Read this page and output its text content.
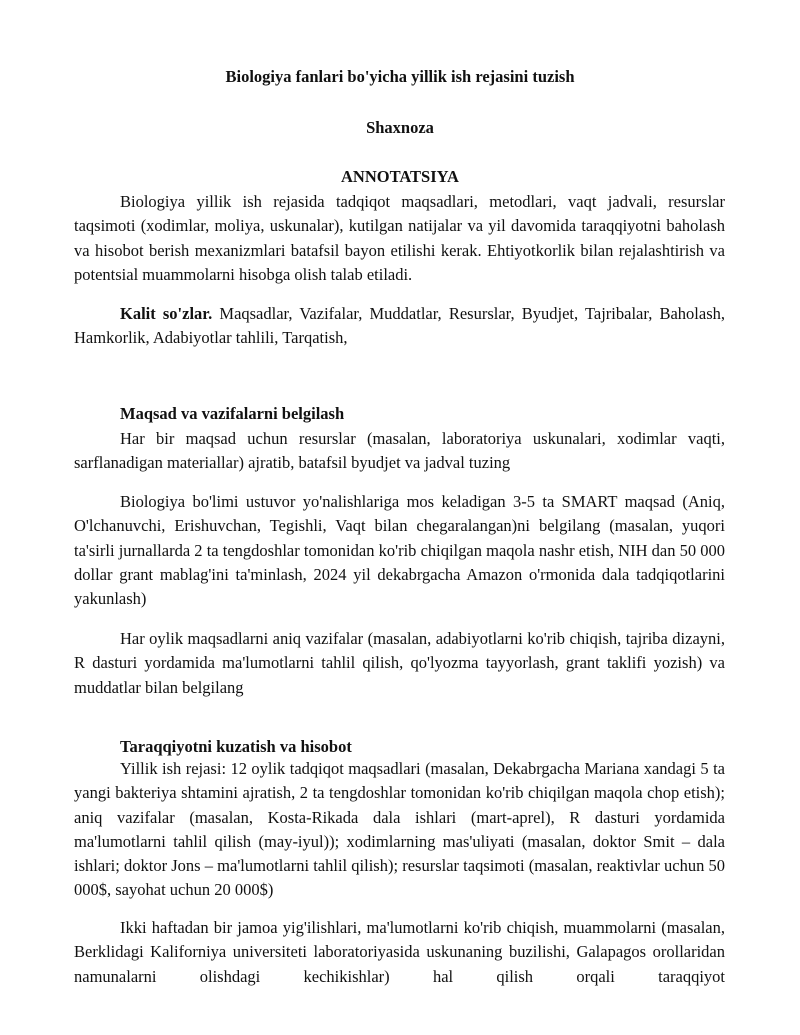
Biologiya fanlari bo'yicha yillik ish rejasini tuzish
Shaxnoza
ANNOTATSIYA

Biologiya yillik ish rejasida tadqiqot maqsadlari, metodlari, vaqt jadvali, resurslar taqsimoti (xodimlar, moliya, uskunalar), kutilgan natijalar va yil davomida taraqqiyotni baholash va hisobot berish mexanizmlari batafsil bayon etilishi kerak. Ehtiyotkorlik bilan rejalashtirish va potentsial muammolarni hisobga olish talab etiladi.

Kalit so'zlar. Maqsadlar, Vazifalar, Muddatlar, Resurslar, Byudjet, Tajribalar, Baholash, Hamkorlik, Adabiyotlar tahlili, Tarqatish,

Maqsad va vazifalarni belgilash

Har bir maqsad uchun resurslar (masalan, laboratoriya uskunalari, xodimlar vaqti, sarflanadigan materiallar) ajratib, batafsil byudjet va jadval tuzing

Biologiya bo'limi ustuvor yo'nalishlariga mos keladigan 3-5 ta SMART maqsad (Aniq, O'lchanuvchi, Erishuvchan, Tegishli, Vaqt bilan chegaralangan)ni belgilang (masalan, yuqori ta'sirli jurnallarda 2 ta tengdoshlar tomonidan ko'rib chiqilgan maqola nashr etish, NIH dan 50 000 dollar grant mablag'ini ta'minlash, 2024 yil dekabrgacha Amazon o'rmonida dala tadqiqotlarini yakunlash)

Har oylik maqsadlarni aniq vazifalar (masalan, adabiyotlarni ko'rib chiqish, tajriba dizayni, R dasturi yordamida ma'lumotlarni tahlil qilish, qo'lyozma tayyorlash, grant taklifi yozish) va muddatlar bilan belgilang

Taraqqiyotni kuzatish va hisobot

Yillik ish rejasi: 12 oylik tadqiqot maqsadlari (masalan, Dekabrgacha Mariana xandagi 5 ta yangi bakteriya shtamini ajratish, 2 ta tengdoshlar tomonidan ko'rib chiqilgan maqola chop etish); aniq vazifalar (masalan, Kosta-Rikada dala ishlari (mart-aprel), R dasturi yordamida ma'lumotlarni tahlil qilish (may-iyul)); xodimlarning mas'uliyati (masalan, doktor Smit – dala ishlari; doktor Jons – ma'lumotlarni tahlil qilish); resurslar taqsimoti (masalan, reaktivlar uchun 50 000$, sayohat uchun 20 000$)

Ikki haftadan bir jamoa yig'ilishlari, ma'lumotlarni ko'rib chiqish, muammolarni (masalan, Berklidagi Kaliforniya universiteti laboratoriyasida uskunaning buzilishi, Galapagos orollaridan namunalarni olishdagi kechikishlar) hal qilish orqali taraqqiyot
